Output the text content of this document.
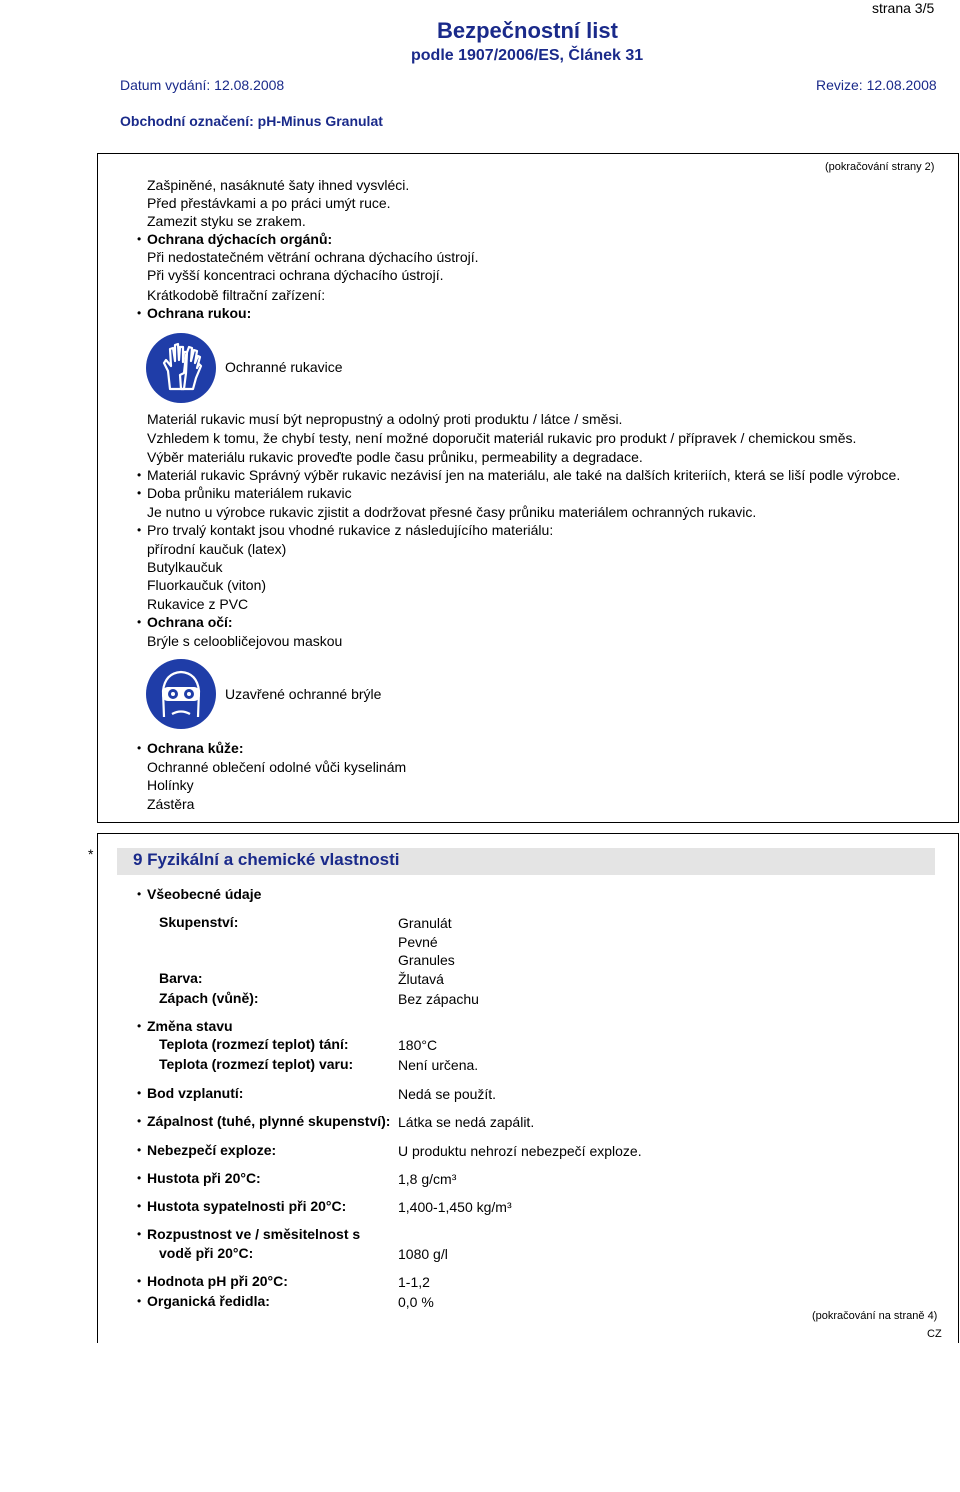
strana 3/5
Bezpečnostní list
podle 1907/2006/ES, Článek 31
Datum vydání: 12.08.2008	Revize: 12.08.2008
Obchodní označení: pH-Minus Granulat
(pokračování strany 2)
Zašpiněné, nasáknuté šaty ihned vysvléci.
Před přestávkami a po práci umýt ruce.
Zamezit styku se zrakem.
• Ochrana dýchacích orgánů:
Při nedostatečném větrání ochrana dýchacího ústrojí.
Při vyšší koncentraci ochrana dýchacího ústrojí.
Krátkodobě filtrační zařízení:
• Ochrana rukou:
Ochranné rukavice
Materiál rukavic musí být nepropustný a odolný proti produktu / látce / směsi.
Vzhledem k tomu, že chybí testy, není možné doporučit materiál rukavic pro produkt / přípravek / chemickou směs.
Výběr materiálu rukavic proveďte podle času průniku, permeability a degradace.
• Materiál rukavic Správný výběr rukavic nezávisí jen na materiálu, ale také na dalších kriteriích, která se liší podle výrobce.
• Doba průniku materiálem rukavic
Je nutno u výrobce rukavic zjistit a dodržovat přesné časy průniku materiálem ochranných rukavic.
• Pro trvalý kontakt jsou vhodné rukavice z následujícího materiálu:
přírodní kaučuk (latex)
Butylkaučuk
Fluorkaučuk (viton)
Rukavice z PVC
• Ochrana očí:
Brýle s celoobličejovou maskou
Uzavřené ochranné brýle
• Ochrana kůže:
Ochranné oblečení odolné vůči kyselinám
Holínky
Zástěra
* 9 Fyzikální a chemické vlastnosti
• Všeobecné údaje
Skupenství:	Granulát
Pevné
Granules
Barva:	Žlutavá
Zápach (vůně):	Bez zápachu
• Změna stavu
Teplota (rozmezí teplot) tání:	180°C
Teplota (rozmezí teplot) varu:	Není určena.
• Bod vzplanutí:	Nedá se použít.
• Zápalnost (tuhé, plynné skupenství): Látka se nedá zapálit.
• Nebezpečí exploze:	U produktu nehrozí nebezpečí exploze.
• Hustota při 20°C:	1,8 g/cm³
• Hustota sypatelnosti při 20°C:	1,400-1,450 kg/m³
• Rozpustnost ve / směsitelnost s
vodě při 20°C:	1080 g/l
• Hodnota pH při 20°C:	1-1,2
• Organická ředidla:	0,0 %
(pokračování na straně 4)
CZ
